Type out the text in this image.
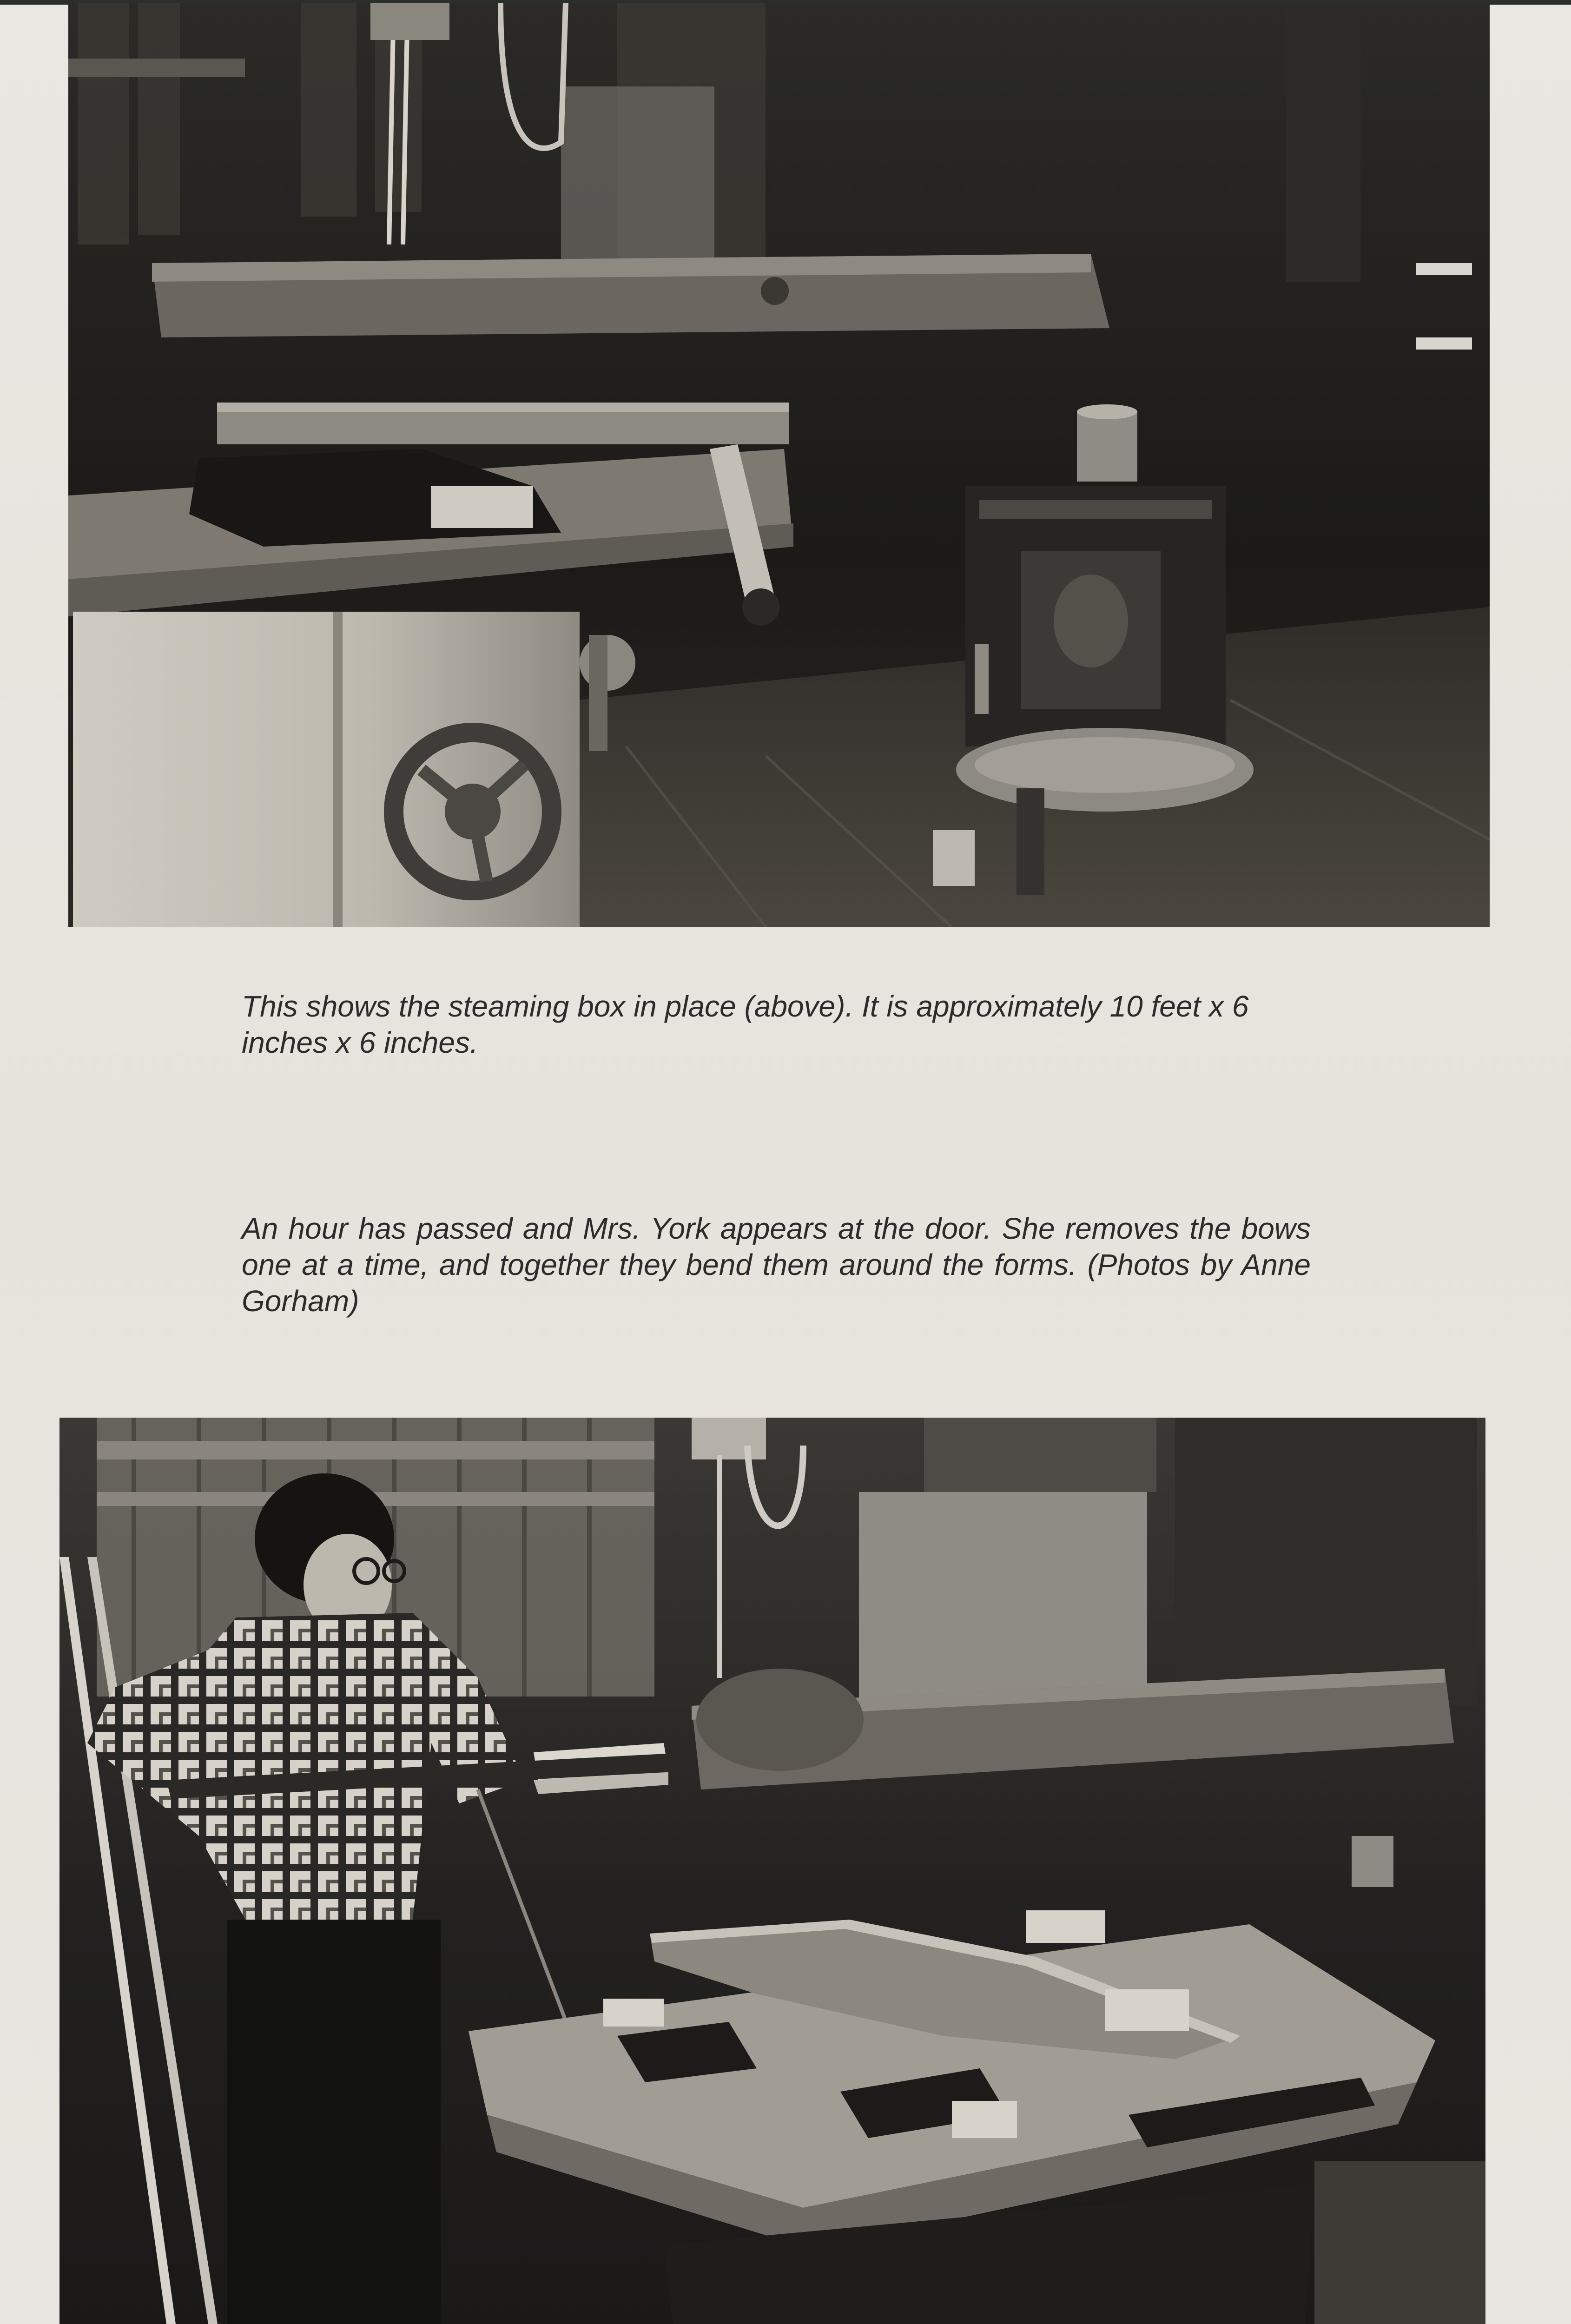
This shows the steaming box in place (above). It is approximately 10 feet x 6 inches x 6 inches.

An hour has passed and Mrs. York appears at the door. She removes the bows one at a time, and together they bend them around the forms. (Photos by Anne Gorham)
